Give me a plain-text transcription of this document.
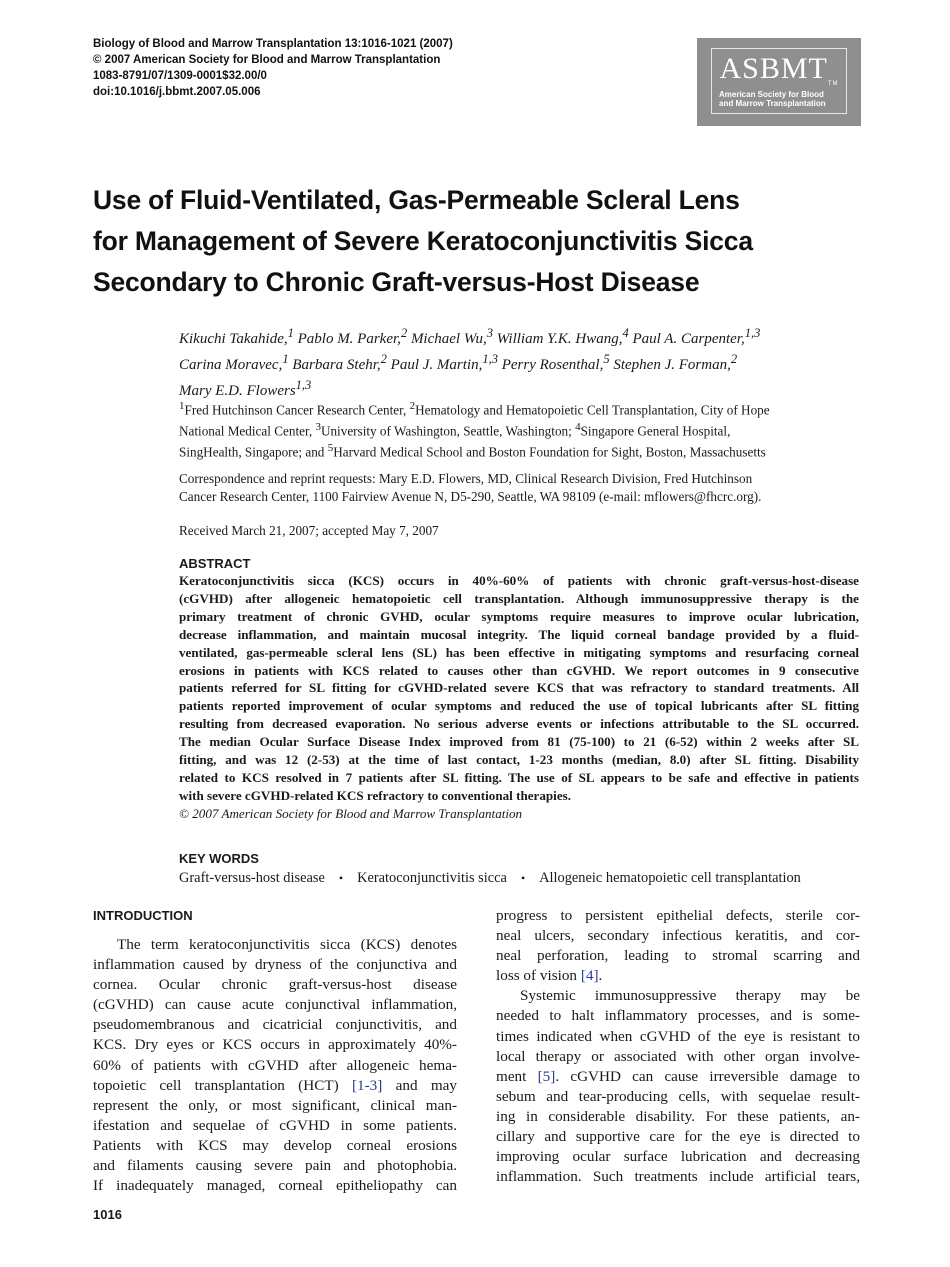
Biology of Blood and Marrow Transplantation 13:1016-1021 (2007)
© 2007 American Society for Blood and Marrow Transplantation
1083-8791/07/1309-0001$32.00/0
doi:10.1016/j.bbmt.2007.05.006
$ASBMT_{TM}$
American Society for Blood
and Marrow Transplantation
Use of Fluid-Ventilated, Gas-Permeable Scleral Lens
for Management of Severe Keratoconjunctivitis Sicca
Secondary to Chronic Graft-versus-Host Disease
Kikuchi Takahide,$^1$ Pablo M. Parker,$^2$ Michael Wu,$^3$ William Y.K. Hwang,$^4$ Paul A. Carpenter,$^{1,3}$
Carina Moravec,$^1$ Barbara Stehr,$^2$ Paul J. Martin,$^{1,3}$ Perry Rosenthal,$^5$ Stephen J. Forman,$^2$
Mary E.D. Flowers$^{1,3}$
$^1$Fred Hutchinson Cancer Research Center, $^2$Hematology and Hematopoietic Cell Transplantation, City of Hope
National Medical Center, $^3$University of Washington, Seattle, Washington; $^4$Singapore General Hospital,
SingHealth, Singapore; and $^5$Harvard Medical School and Boston Foundation for Sight, Boston, Massachusetts
Correspondence and reprint requests: Mary E.D. Flowers, MD, Clinical Research Division, Fred Hutchinson
Cancer Research Center, 1100 Fairview Avenue N, D5-290, Seattle, WA 98109 (e-mail: mflowers@fhcrc.org).
Received March 21, 2007; accepted May 7, 2007
ABSTRACT
Keratoconjunctivitis sicca (KCS) occurs in 40%-60% of patients with chronic graft-versus-host-disease
(cGVHD) after allogeneic hematopoietic cell transplantation. Although immunosuppressive therapy is the
primary treatment of chronic GVHD, ocular symptoms require measures to improve ocular lubrication,
decrease inflammation, and maintain mucosal integrity. The liquid corneal bandage provided by a fluid-
ventilated, gas-permeable scleral lens (SL) has been effective in mitigating symptoms and resurfacing corneal
erosions in patients with KCS related to causes other than cGVHD. We report outcomes in 9 consecutive
patients referred for SL fitting for cGVHD-related severe KCS that was refractory to standard treatments. All
patients reported improvement of ocular symptoms and reduced the use of topical lubricants after SL fitting
resulting from decreased evaporation. No serious adverse events or infections attributable to the SL occurred.
The median Ocular Surface Disease Index improved from 81 (75-100) to 21 (6-52) within 2 weeks after SL
fitting, and was 12 (2-53) at the time of last contact, 1-23 months (median, 8.0) after SL fitting. Disability
related to KCS resolved in 7 patients after SL fitting. The use of SL appears to be safe and effective in patients
with severe cGVHD-related KCS refractory to conventional therapies.
© 2007 American Society for Blood and Marrow Transplantation
KEY WORDS
Graft-versus-host disease • Keratoconjunctivitis sicca • Allogeneic hematopoietic cell transplantation
INTRODUCTION
The term keratoconjunctivitis sicca (KCS) denotes
inflammation caused by dryness of the conjunctiva and
cornea. Ocular chronic graft-versus-host disease
(cGVHD) can cause acute conjunctival inflammation,
pseudomembranous and cicatricial conjunctivitis, and
KCS. Dry eyes or KCS occurs in approximately 40%-
60% of patients with cGVHD after allogeneic hema-
topoietic cell transplantation (HCT) [1-3] and may
represent the only, or most significant, clinical man-
ifestation and sequelae of cGVHD in some patients.
Patients with KCS may develop corneal erosions
and filaments causing severe pain and photophobia.
If inadequately managed, corneal epitheliopathy can
progress to persistent epithelial defects, sterile cor-
neal ulcers, secondary infectious keratitis, and cor-
neal perforation, leading to stromal scarring and
loss of vision [4].
Systemic immunosuppressive therapy may be
needed to halt inflammatory processes, and is some-
times indicated when cGVHD of the eye is resistant to
local therapy or associated with other organ involve-
ment [5]. cGVHD can cause irreversible damage to
sebum and tear-producing cells, with sequelae result-
ing in considerable disability. For these patients, an-
cillary and supportive care for the eye is directed to
improving ocular surface lubrication and decreasing
inflammation. Such treatments include artificial tears,
1016
